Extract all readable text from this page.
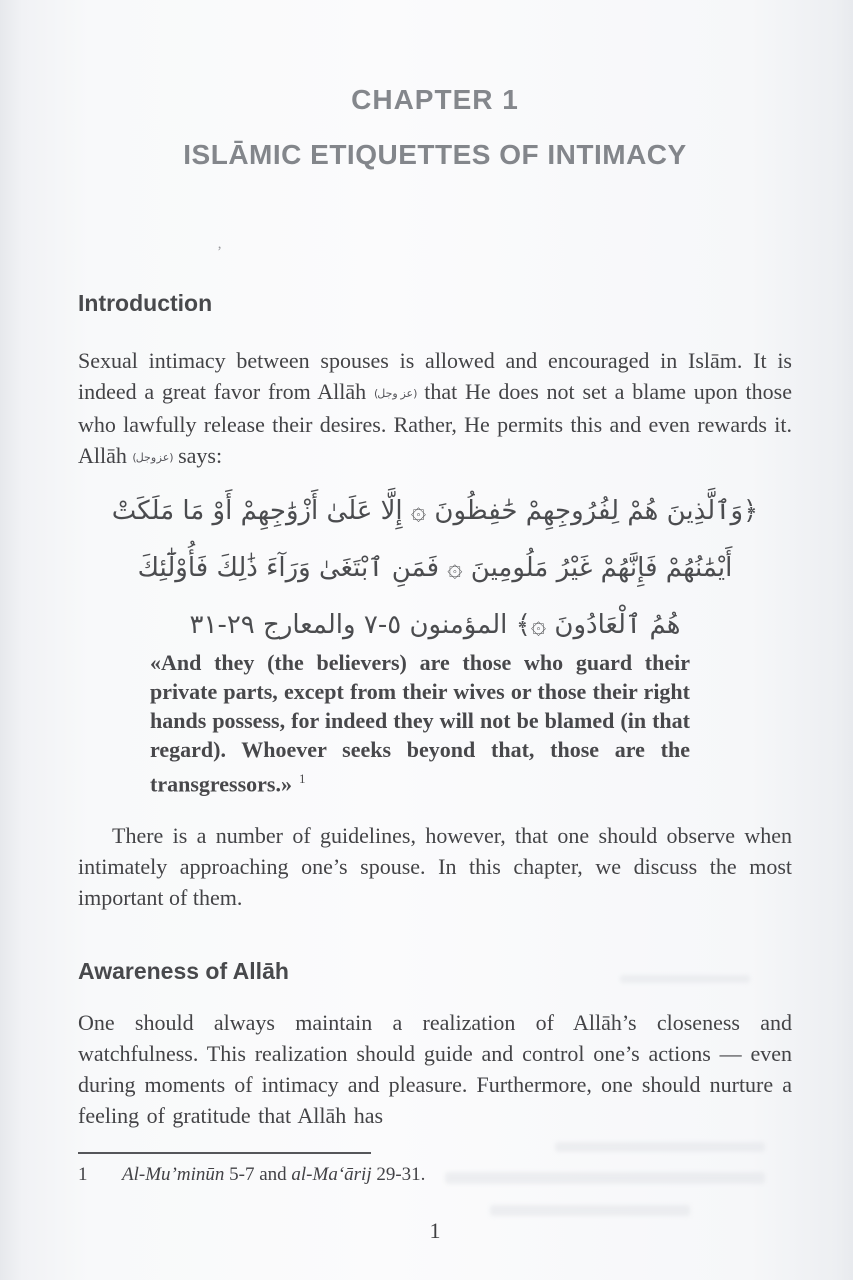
CHAPTER 1
ISLĀMIC ETIQUETTES OF INTIMACY
’
Introduction

Sexual intimacy between spouses is allowed and encouraged in Islām. It is indeed a great favor from Allāh (عز وجل) that He does not set a blame upon those who lawfully release their desires. Rather, He permits this and even rewards it. Allāh (عز وجل) says:

﴿وَٱلَّذِينَ هُمْ لِفُرُوجِهِمْ حَٰفِظُونَ ۞ إِلَّا عَلَىٰ أَزْوَٰجِهِمْ أَوْ مَا مَلَكَتْ
أَيْمَٰنُهُمْ فَإِنَّهُمْ غَيْرُ مَلُومِينَ ۞ فَمَنِ ٱبْتَغَىٰ وَرَآءَ ذَٰلِكَ فَأُوْلَٰٓئِكَ
هُمُ ٱلْعَادُونَ ۞﴾ المؤمنون ٥-٧ والمعارج ٢٩-٣١

«And they (the believers) are those who guard their private parts, except from their wives or those their right hands possess, for indeed they will not be blamed (in that regard). Whoever seeks beyond that, those are the transgressors.» $^1$

There is a number of guidelines, however, that one should observe when intimately approaching one’s spouse. In this chapter, we discuss the most important of them.

Awareness of Allāh

One should always maintain a realization of Allāh’s closeness and watchfulness. This realization should guide and control one’s actions — even during moments of intimacy and pleasure. Furthermore, one should nurture a feeling of gratitude that Allāh has

1 Al-Mu’minūn 5-7 and al-Ma‘ārij 29-31.
1
